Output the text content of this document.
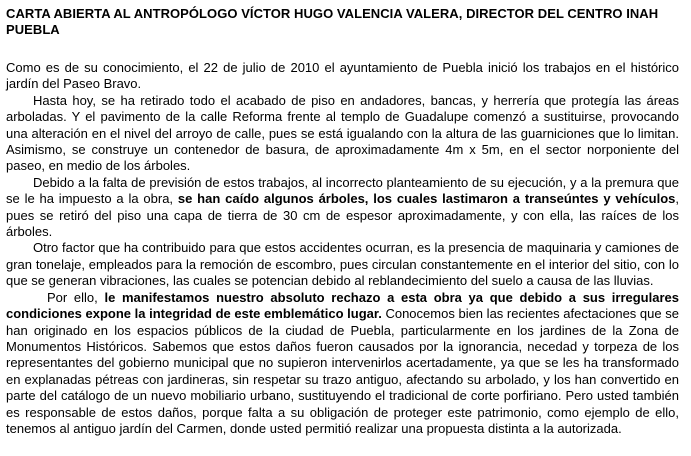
CARTA ABIERTA AL ANTROPÓLOGO VÍCTOR HUGO VALENCIA VALERA, DIRECTOR DEL CENTRO INAH PUEBLA

Como es de su conocimiento, el 22 de julio de 2010 el ayuntamiento de Puebla inició los trabajos en el histórico jardín del Paseo Bravo.

Hasta hoy, se ha retirado todo el acabado de piso en andadores, bancas, y herrería que protegía las áreas arboladas. Y el pavimento de la calle Reforma frente al templo de Guadalupe comenzó a sustituirse, provocando una alteración en el nivel del arroyo de calle, pues se está igualando con la altura de las guarniciones que lo limitan. Asimismo, se construye un contenedor de basura, de aproximadamente 4m x 5m, en el sector norponiente del paseo, en medio de los árboles.

Debido a la falta de previsión de estos trabajos, al incorrecto planteamiento de su ejecución, y a la premura que se le ha impuesto a la obra, se han caído algunos árboles, los cuales lastimaron a transeúntes y vehículos, pues se retiró del piso una capa de tierra de 30 cm de espesor aproximadamente, y con ella, las raíces de los árboles.

Otro factor que ha contribuido para que estos accidentes ocurran, es la presencia de maquinaria y camiones de gran tonelaje, empleados para la remoción de escombro, pues circulan constantemente en el interior del sitio, con lo que se generan vibraciones, las cuales se potencian debido al reblandecimiento del suelo a causa de las lluvias.

Por ello, le manifestamos nuestro absoluto rechazo a esta obra ya que debido a sus irregulares condiciones expone la integridad de este emblemático lugar. Conocemos bien las recientes afectaciones que se han originado en los espacios públicos de la ciudad de Puebla, particularmente en los jardines de la Zona de Monumentos Históricos. Sabemos que estos daños fueron causados por la ignorancia, necedad y torpeza de los representantes del gobierno municipal que no supieron intervenirlos acertadamente, ya que se les ha transformado en explanadas pétreas con jardineras, sin respetar su trazo antiguo, afectando su arbolado, y los han convertido en parte del catálogo de un nuevo mobiliario urbano, sustituyendo el tradicional de corte porfiriano. Pero usted también es responsable de estos daños, porque falta a su obligación de proteger este patrimonio, como ejemplo de ello, tenemos al antiguo jardín del Carmen, donde usted permitió realizar una propuesta distinta a la autorizada.
